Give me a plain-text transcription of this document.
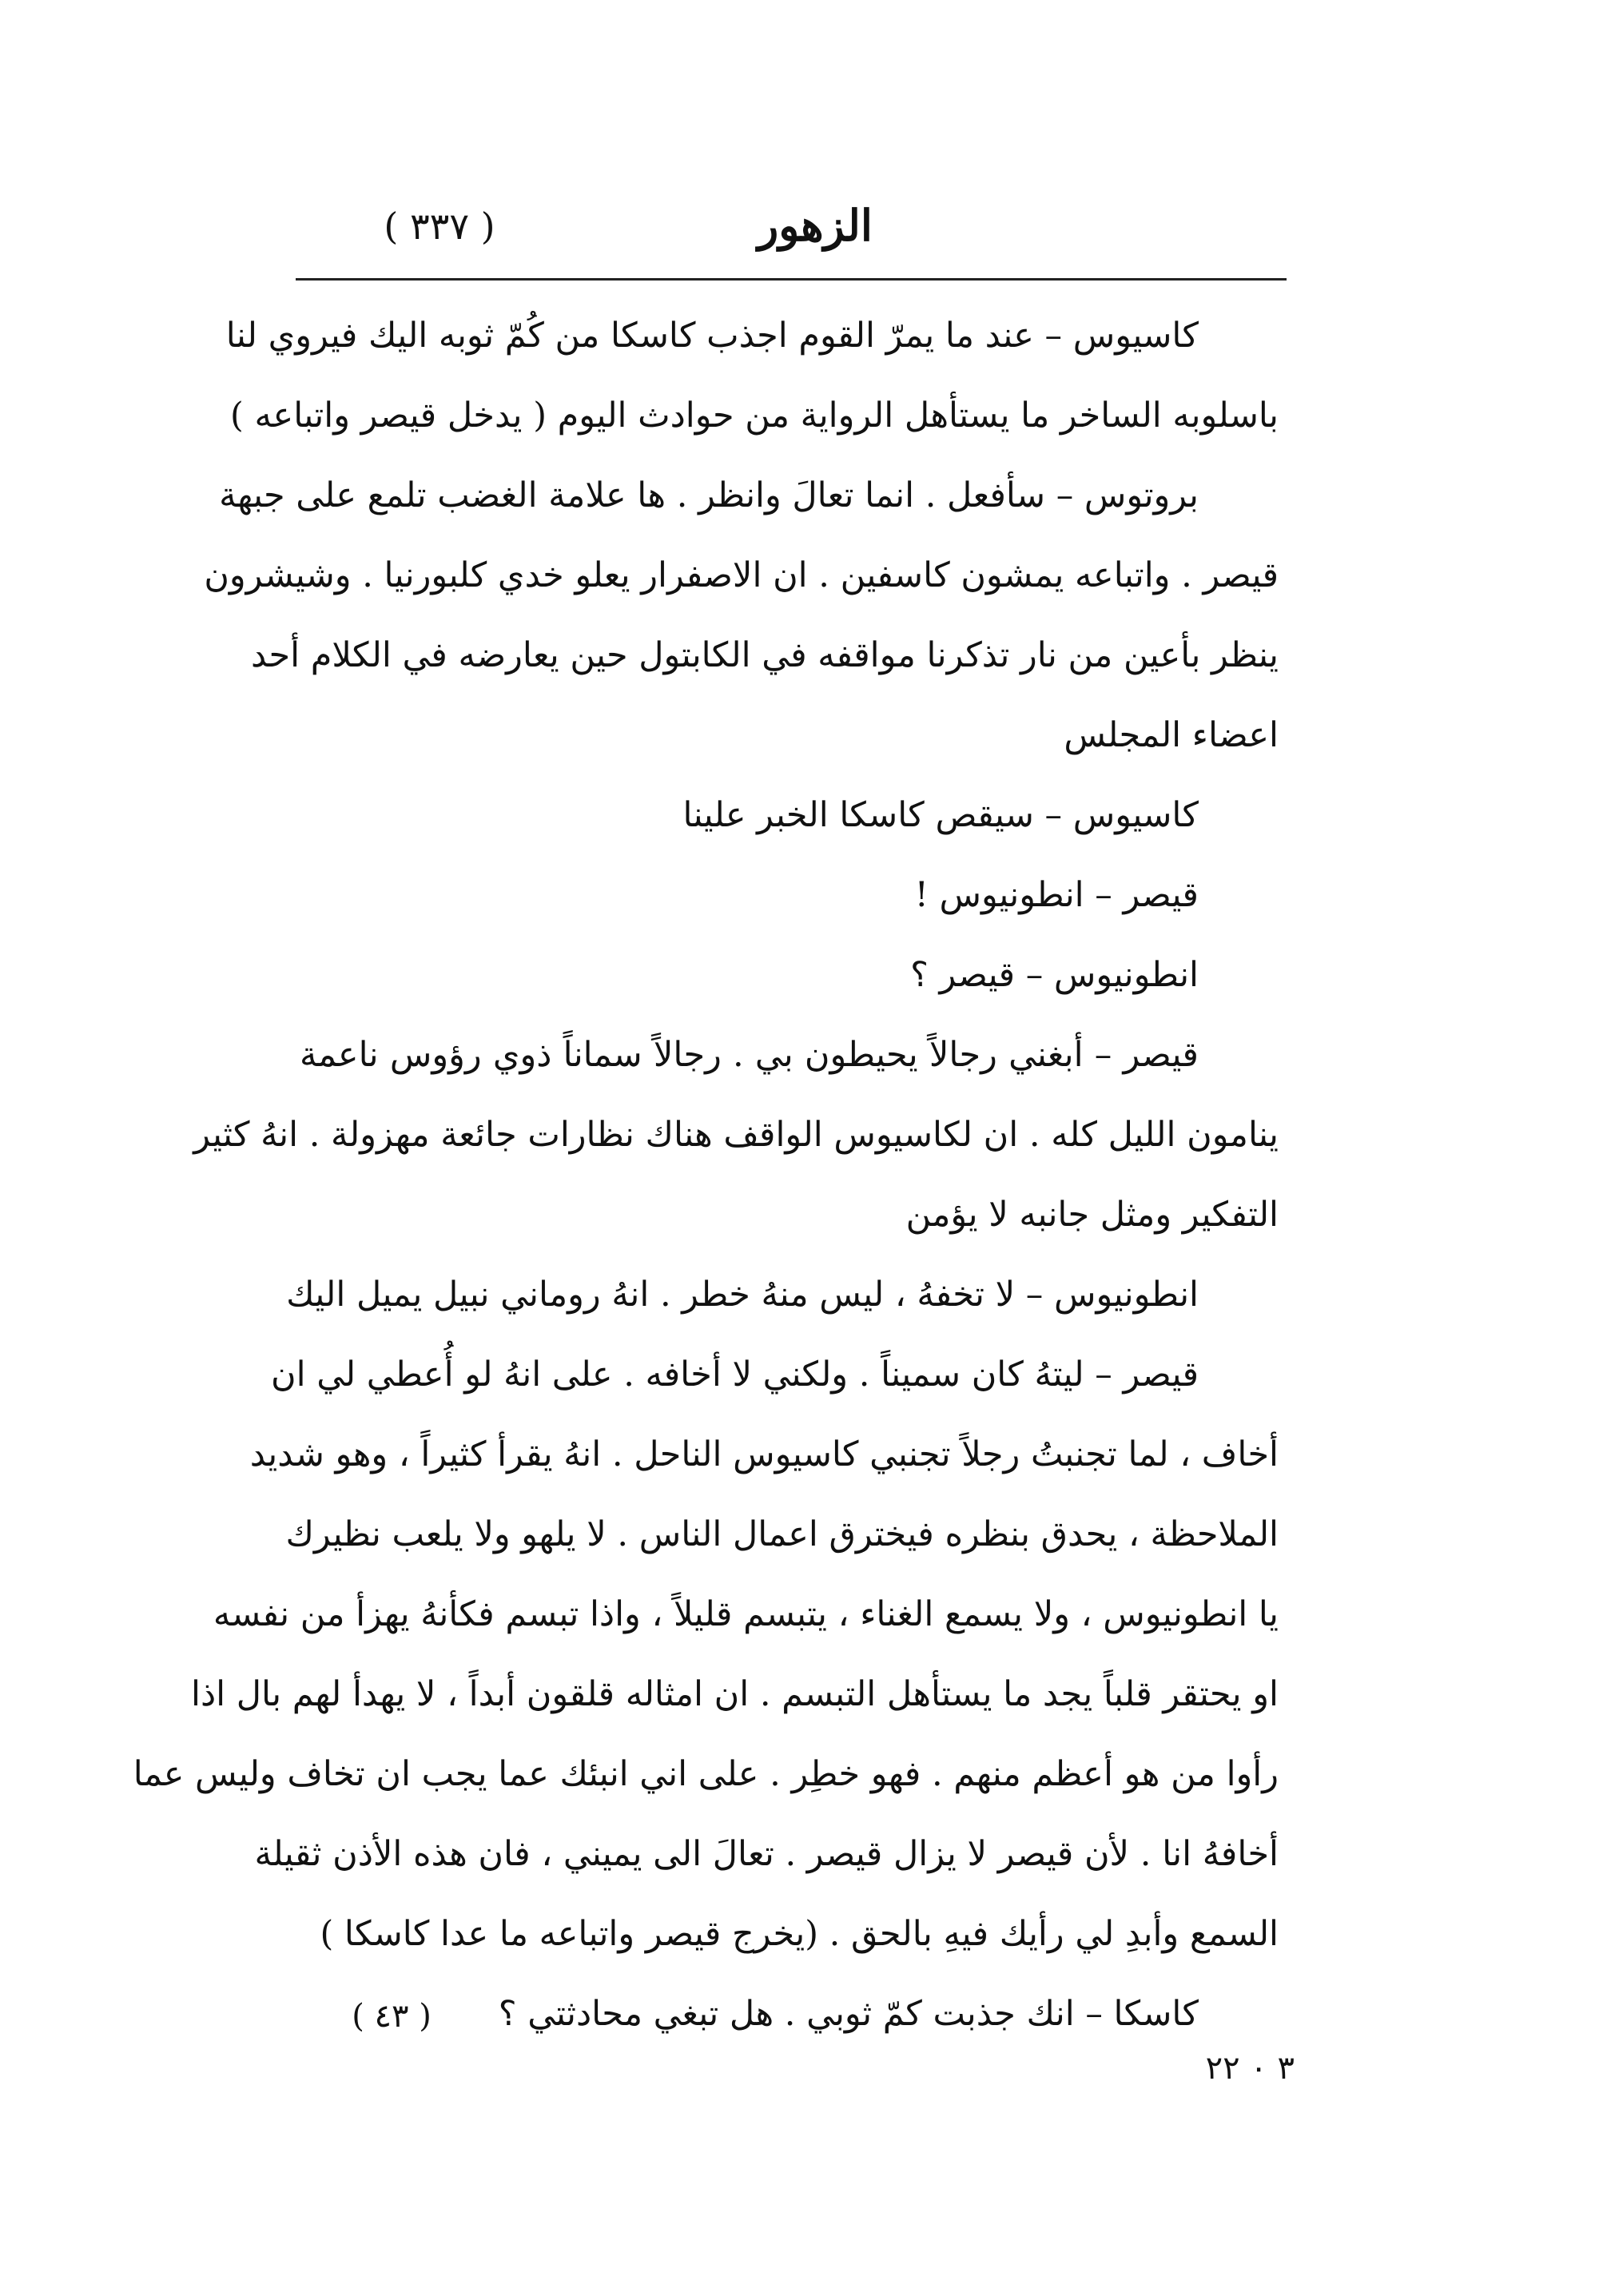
الزهور
( ٣٣٧ )
كاسيوس – عند ما يمرّ القوم اجذب كاسكا من كُمّ ثوبه اليك فيروي لنا
باسلوبه الساخر ما يستأهل الرواية من حوادث اليوم ( يدخل قيصر واتباعه )
بروتوس – سأفعل . انما تعالَ وانظر . ها علامة الغضب تلمع على جبهة
قيصر . واتباعه يمشون كاسفين . ان الاصفرار يعلو خدي كلبورنيا . وشيشرون
ينظر بأعين من نار تذكرنا مواقفه في الكابتول حين يعارضه في الكلام أحد
اعضاء المجلس
كاسيوس – سيقص كاسكا الخبر علينا
قيصر – انطونيوس !
انطونيوس – قيصر ؟
قيصر – أبغني رجالاً يحيطون بي . رجالاً سماناً ذوي رؤوس ناعمة
ينامون الليل كله . ان لكاسيوس الواقف هناك نظارات جائعة مهزولة . انهُ كثير
التفكير ومثل جانبه لا يؤمن
انطونيوس – لا تخفهُ ، ليس منهُ خطر . انهُ روماني نبيل يميل اليك
قيصر – ليتهُ كان سميناً . ولكني لا أخافه . على انهُ لو أُعطي لي ان
أخاف ، لما تجنبتُ رجلاً تجنبي كاسيوس الناحل . انهُ يقرأ كثيراً ، وهو شديد
الملاحظة ، يحدق بنظره فيخترق اعمال الناس . لا يلهو ولا يلعب نظيرك
يا انطونيوس ، ولا يسمع الغناء ، يتبسم قليلاً ، واذا تبسم فكأنهُ يهزأ من نفسه
او يحتقر قلباً يجد ما يستأهل التبسم . ان امثاله قلقون أبداً ، لا يهدأ لهم بال اذا
رأوا من هو أعظم منهم . فهو خطِر . على اني انبئك عما يجب ان تخاف وليس عما
أخافهُ انا . لأن قيصر لا يزال قيصر . تعالَ الى يميني ، فان هذه الأذن ثقيلة
السمع وأبدِ لي رأيك فيهِ بالحق . (يخرج قيصر واتباعه ما عدا كاسكا )
كاسكا – انك جذبت كمّ ثوبي . هل تبغي محادثتي ؟
( ٤٣ )
٣ ٠ ٢٢
